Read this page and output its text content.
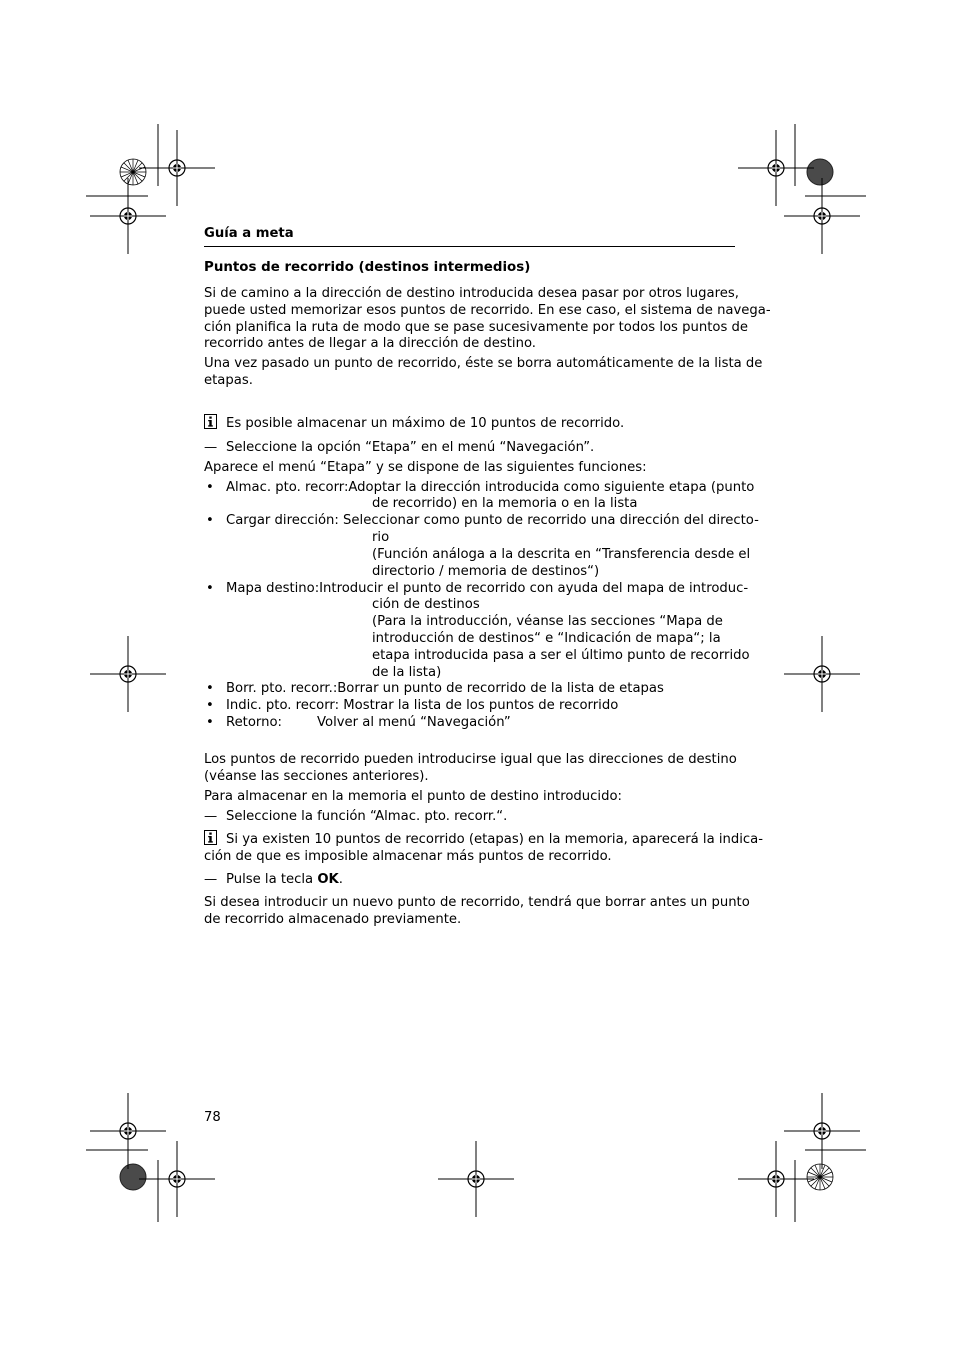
Guía a meta
Puntos de recorrido (destinos intermedios)
Si de camino a la dirección de destino introducida desea pasar por otros lugares,
puede usted memorizar esos puntos de recorrido. En ese caso, el sistema de navega-
ción planifica la ruta de modo que se pase sucesivamente por todos los puntos de
recorrido antes de llegar a la dirección de destino.
Una vez pasado un punto de recorrido, éste se borra automáticamente de la lista de
etapas.
Es posible almacenar un máximo de 10 puntos de recorrido.
— Seleccione la opción “Etapa” en el menú “Navegación”.
Aparece el menú “Etapa” y se dispone de las siguientes funciones:
• Almac. pto. recorr:Adoptar la dirección introducida como siguiente etapa (punto
de recorrido) en la memoria o en la lista
• Cargar dirección: Seleccionar como punto de recorrido una dirección del directo-
rio
(Función análoga a la descrita en “Transferencia desde el
directorio / memoria de destinos“)
• Mapa destino:Introducir el punto de recorrido con ayuda del mapa de introduc-
ción de destinos
(Para la introducción, véanse las secciones “Mapa de
introducción de destinos“ e “Indicación de mapa“; la
etapa introducida pasa a ser el último punto de recorrido
de la lista)
• Borr. pto. recorr.:Borrar un punto de recorrido de la lista de etapas
• Indic. pto. recorr: Mostrar la lista de los puntos de recorrido
• Retorno:	Volver al menú “Navegación”
Los puntos de recorrido pueden introducirse igual que las direcciones de destino
(véanse las secciones anteriores).
Para almacenar en la memoria el punto de destino introducido:
— Seleccione la función “Almac. pto. recorr.“.
Si ya existen 10 puntos de recorrido (etapas) en la memoria, aparecerá la indica-
ción de que es imposible almacenar más puntos de recorrido.
— Pulse la tecla OK.
Si desea introducir un nuevo punto de recorrido, tendrá que borrar antes un punto
de recorrido almacenado previamente.
78
